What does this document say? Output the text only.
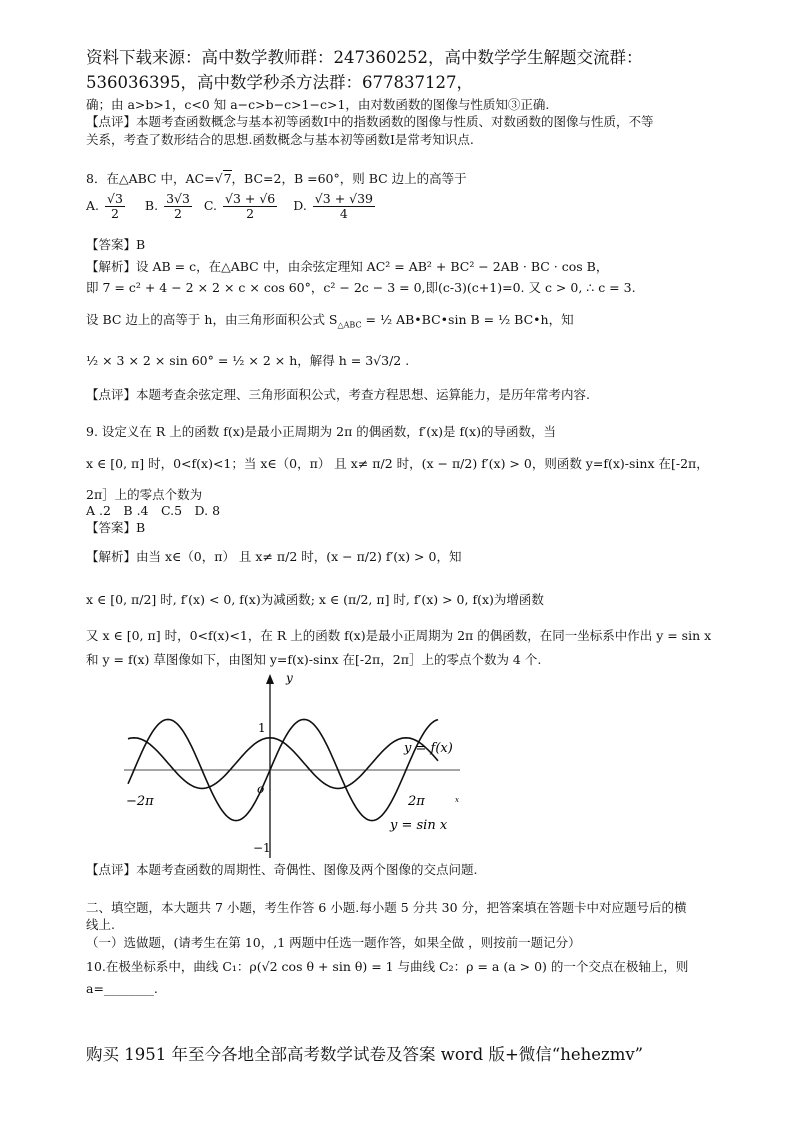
资料下载来源：高中数学教师群：247360252，高中数学学生解题交流群：
536036395，高中数学秒杀方法群：677837127，
确；由 a>b>1，c<0 知 a−c>b−c>1−c>1，由对数函数的图像与性质知③正确.
【点评】本题考查函数概念与基本初等函数Ⅰ中的指数函数的图像与性质、对数函数的图像与性质，不等
关系，考查了数形结合的思想.函数概念与基本初等函数Ⅰ是常考知识点.
8．在△ABC 中，AC=√7，BC=2，B =60°，则 BC 边上的高等于
A. $\frac{√3}{2} B$. $\frac{3√3}{2} C$. $\frac{√3 + √6}{2} D$. $\frac{√3 + √39}{4}$
【答案】B
【解析】设 AB = c，在△ABC 中，由余弦定理知 AC² = AB² + BC² − 2AB · BC · cos B，
即 7 = c² + 4 − 2 × 2 × c × cos 60°，c² − 2c − 3 = 0,即(c-3)(c+1)=0. 又 c > 0, ∴ c = 3.
设 BC 边上的高等于 h，由三角形面积公式 $S_{\triangle ABC}$ = ½ AB•BC•sin B = ½ BC•h，知
½ × 3 × 2 × sin 60° = ½ × 2 × h，解得 h = 3√3/2 .
【点评】本题考查余弦定理、三角形面积公式，考查方程思想、运算能力，是历年常考内容.
9. 设定义在 R 上的函数 f(x)是最小正周期为 2π 的偶函数，f′(x)是 f(x)的导函数，当
x ∈ [0, π] 时，0<f(x)<1；当 x∈（0，π） 且 x≠ π/2 时，(x − π/2) f′(x) > 0，则函数 y=f(x)-sinx 在[-2π，
2π］上的零点个数为
A .2　B .4　C.5　D. 8
【答案】B
【解析】由当 x∈（0，π） 且 x≠ π/2 时，(x − π/2) f′(x) > 0，知
x ∈ [0, π/2] 时, f′(x) < 0, f(x)为减函数; x ∈ (π/2, π] 时, f′(x) > 0, f(x)为增函数
又 x ∈ [0, π] 时，0<f(x)<1，在 R 上的函数 f(x)是最小正周期为 2π 的偶函数，在同一坐标系中作出 y = sin x
和 y = f(x) 草图像如下，由图知 y=f(x)-sinx 在[-2π，2π］上的零点个数为 4 个.
y
x
o
1
−1
−2π	2π
y = f(x)
y = sin x
【点评】本题考查函数的周期性、奇偶性、图像及两个图像的交点问题.
二、填空题，本大题共 7 小题，考生作答 6 小题.每小题 5 分共 30 分，把答案填在答题卡中对应题号后的横
线上.
（一）选做题，(请考生在第 10，,1 两题中任选一题作答，如果全做 ，则按前一题记分）
10.在极坐标系中，曲线 C₁：ρ(√2 cos θ + sin θ) = 1 与曲线 C₂：ρ = a (a > 0) 的一个交点在极轴上，则
a=________.
购买 1951 年至今各地全部高考数学试卷及答案 word 版+微信“hehezmv”
